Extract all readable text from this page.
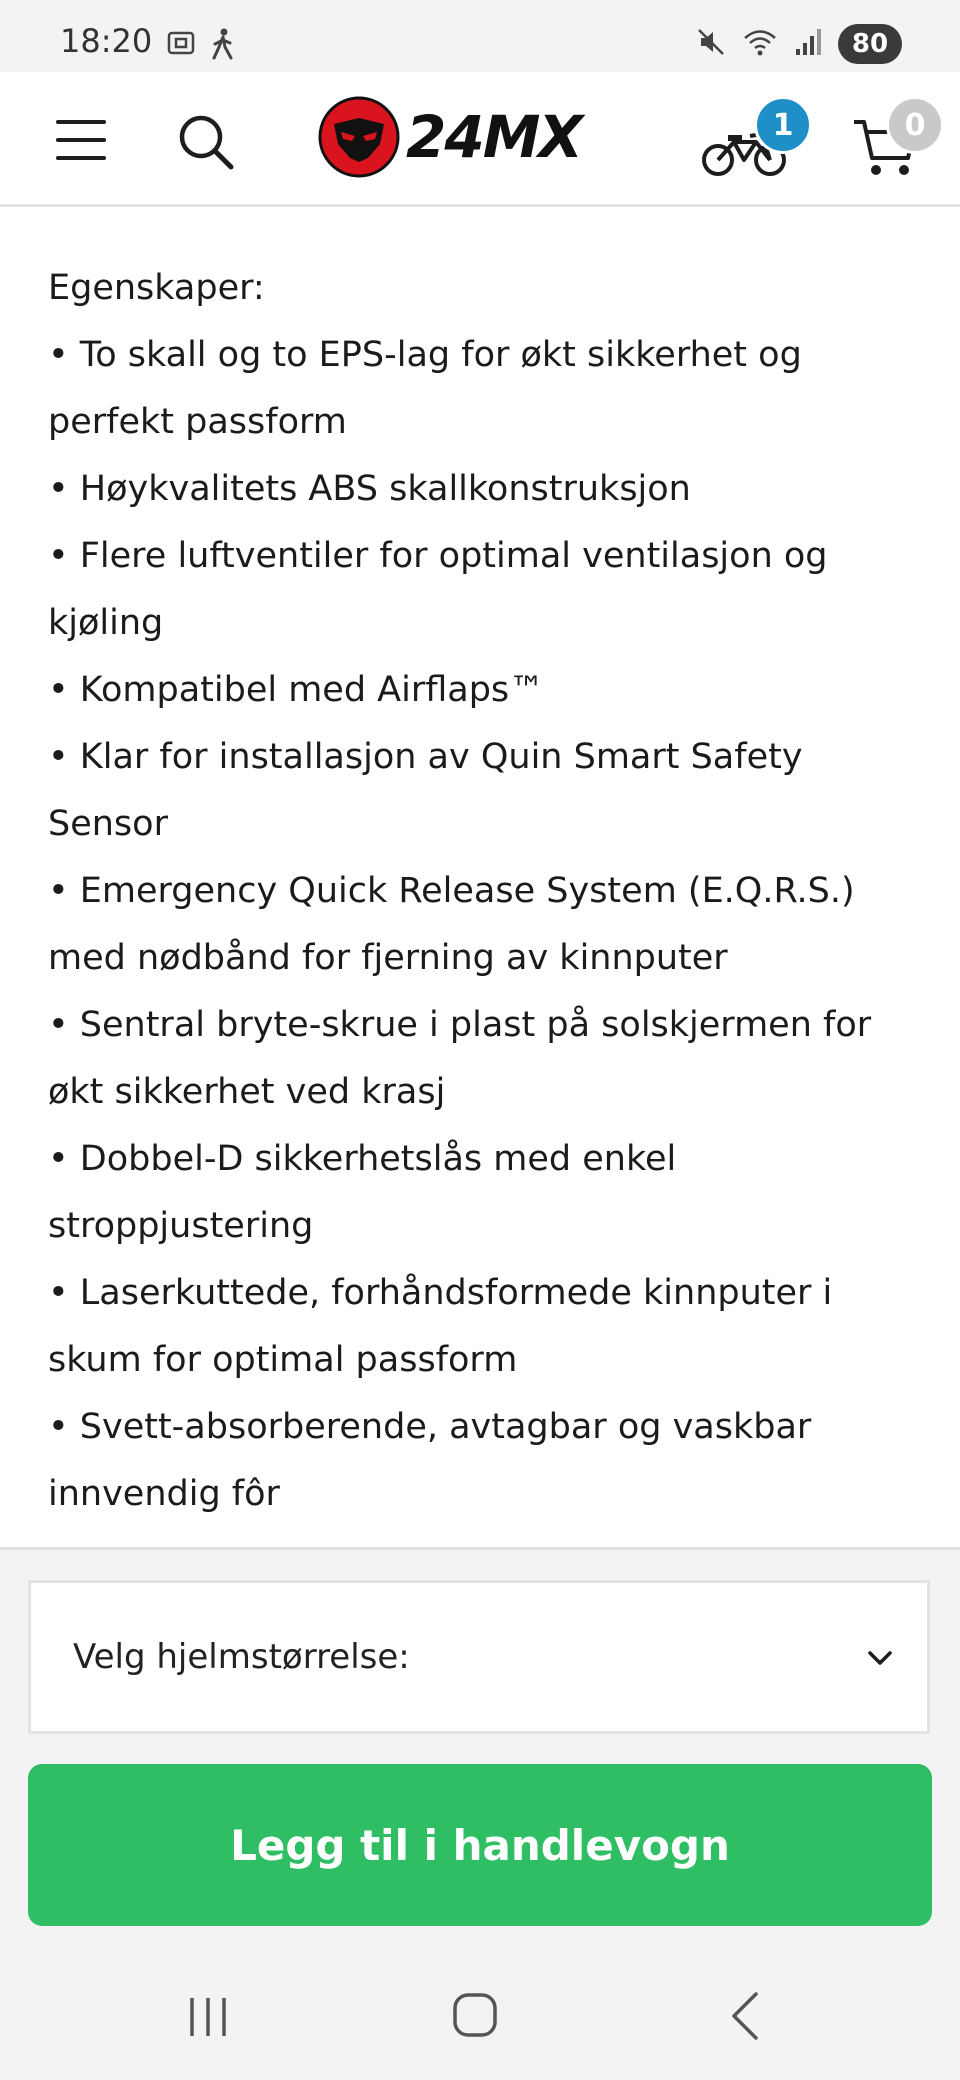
18:20	80
24MX	1	0

Egenskaper:

• To skall og to EPS-lag for økt sikkerhet og perfekt passform

• Høykvalitets ABS skallkonstruksjon

• Flere luftventiler for optimal ventilasjon og kjøling

• Kompatibel med Airflaps™

• Klar for installasjon av Quin Smart Safety Sensor

• Emergency Quick Release System (E.Q.R.S.) med nødbånd for fjerning av kinnputer

• Sentral bryte-skrue i plast på solskjermen for økt sikkerhet ved krasj

• Dobbel-D sikkerhetslås med enkel stroppjustering

• Laserkuttede, forhåndsformede kinnputer i skum for optimal passform

• Svett-absorberende, avtagbar og vaskbar innvendig fôr

Velg hjelmstørrelse:
Legg til i handlevogn
